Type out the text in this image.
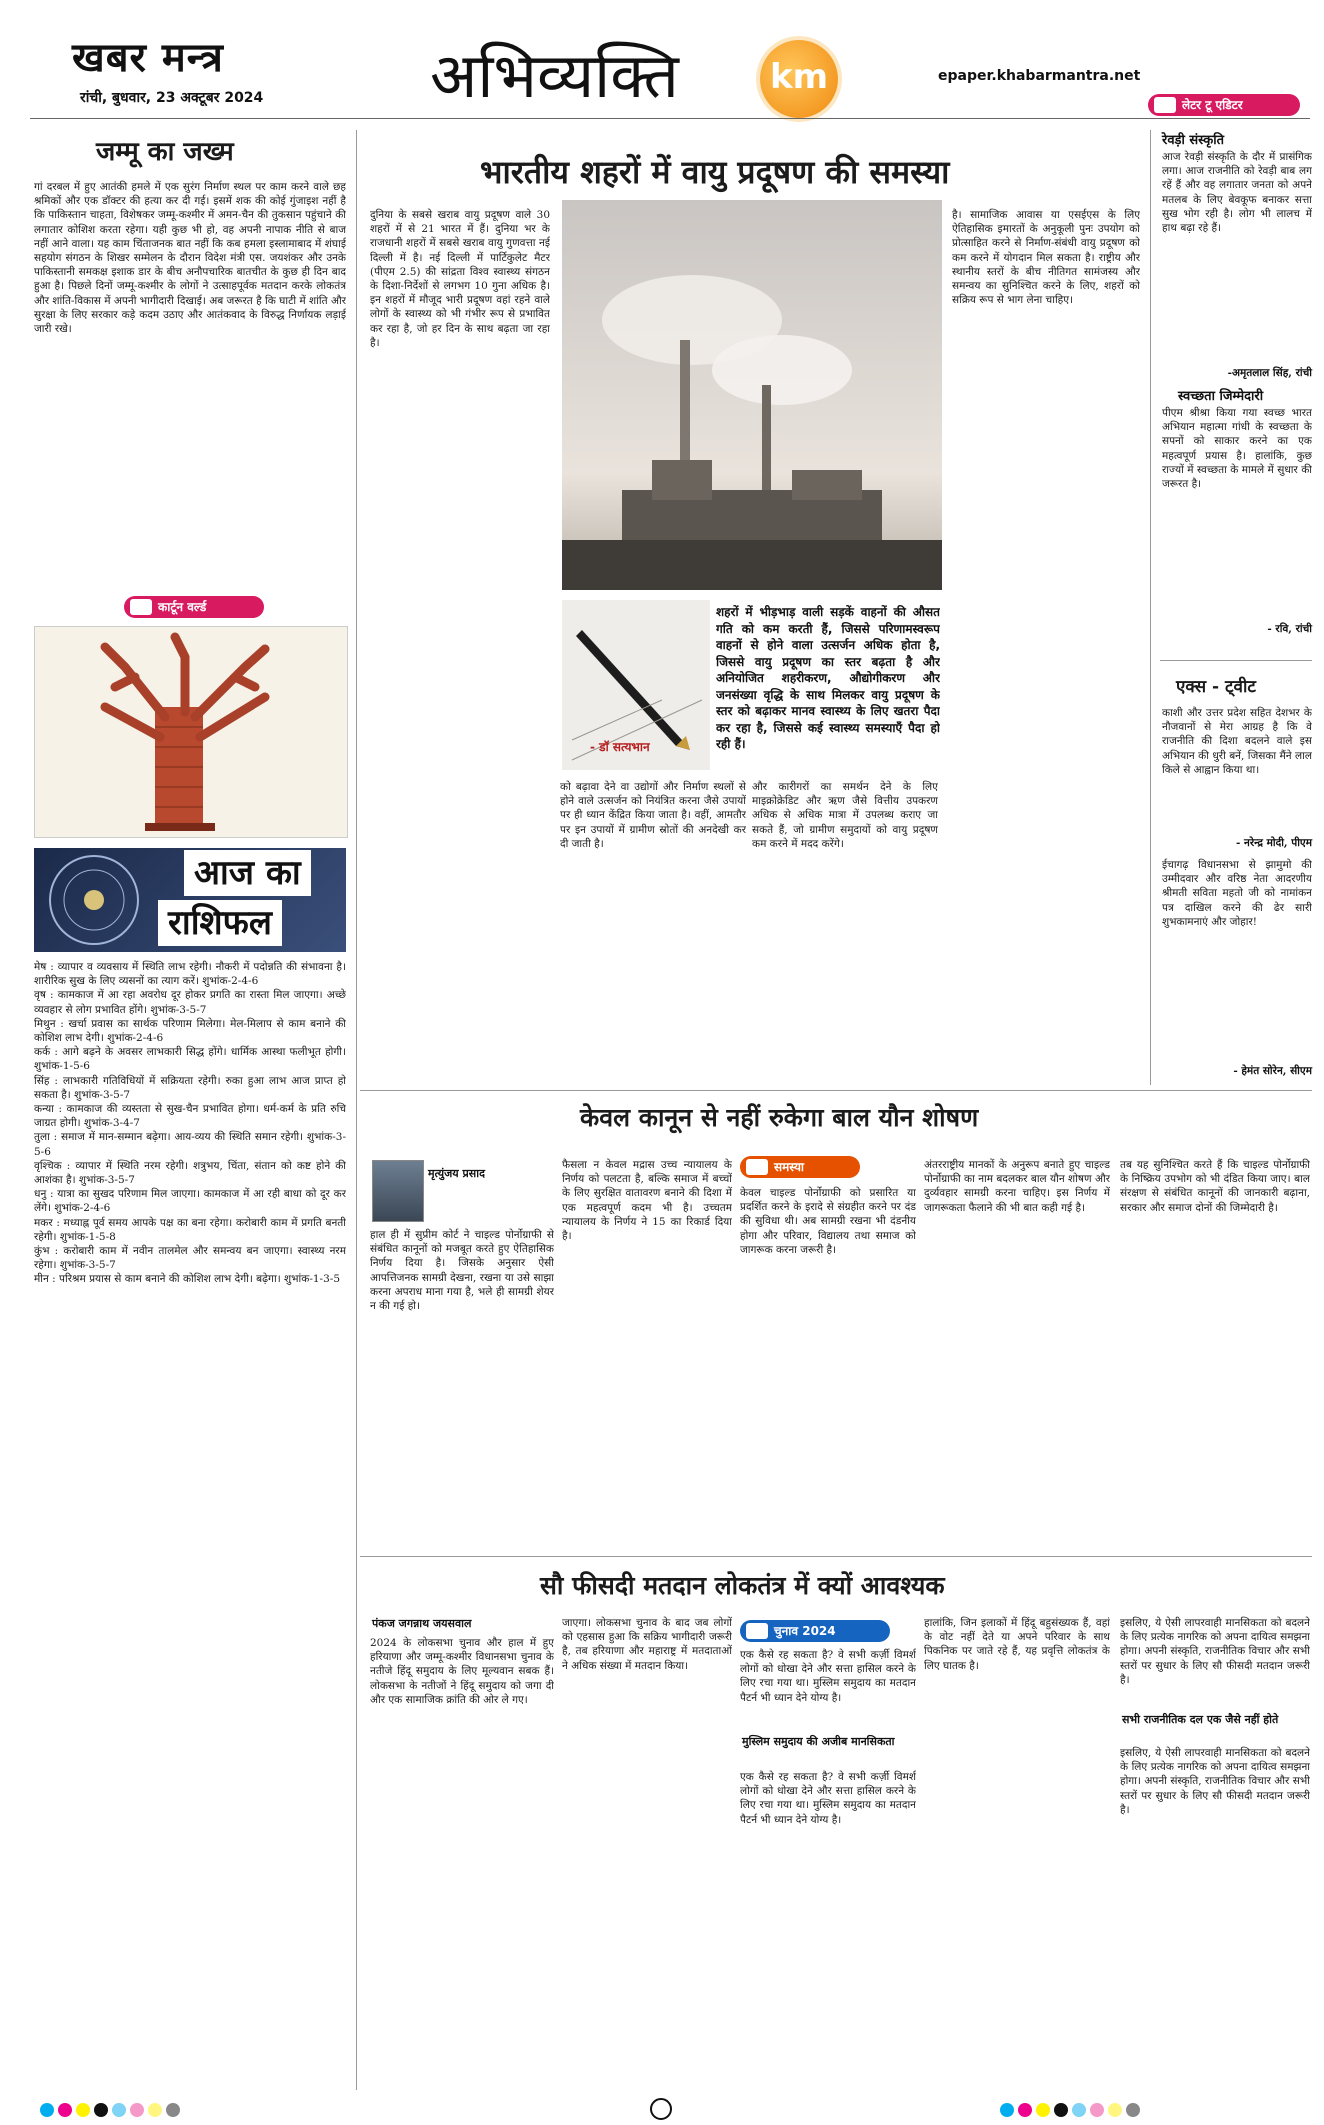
खबर मन्त्र
रांची, बुधवार, 23 अक्टूबर 2024	अभिव्यक्ति	km	epaper.khabarmantra.net
लेटर टू एडिटर
जम्मू का जख्म
गां दरबल में हुए आतंकी हमले में एक सुरंग निर्माण स्थल पर काम करने वाले छह श्रमिकों और एक डॉक्टर की हत्या कर दी गई। इसमें शक की कोई गुंजाइश नहीं है कि पाकिस्तान चाहता, विशेषकर जम्मू-कश्मीर में अमन-चैन की तुकसान पहुंचाने की लगातार कोशिश करता रहेगा। यही कुछ भी हो, वह अपनी नापाक नीति से बाज नहीं आने वाला। यह काम चिंताजनक बात नहीं कि कब हमला इस्लामाबाद में शंघाई सहयोग संगठन के शिखर सम्मेलन के दौरान विदेश मंत्री एस. जयशंकर और उनके पाकिस्तानी समकक्ष इशाक डार के बीच अनौपचारिक बातचीत के कुछ ही दिन बाद हुआ है। पिछले दिनों जम्मू-कश्मीर के लोगों ने उत्साहपूर्वक मतदान करके लोकतंत्र और शांति-विकास में अपनी भागीदारी दिखाई। अब जरूरत है कि घाटी में शांति और सुरक्षा के लिए सरकार कड़े कदम उठाए और आतंकवाद के विरुद्ध निर्णायक लड़ाई जारी रखे।
कार्टून वर्ल्ड
आज का
राशिफल
मेष : व्यापार व व्यवसाय में स्थिति लाभ रहेगी। नौकरी में पदोन्नति की संभावना है। शारीरिक सुख के लिए व्यसनों का त्याग करें। शुभांक-2-4-6
वृष : कामकाज में आ रहा अवरोध दूर होकर प्रगति का रास्ता मिल जाएगा। अच्छे व्यवहार से लोग प्रभावित होंगे। शुभांक-3-5-7
मिथुन : खर्चा प्रवास का सार्थक परिणाम मिलेगा। मेल-मिलाप से काम बनाने की कोशिश लाभ देगी। शुभांक-2-4-6
कर्क : आगे बढ़ने के अवसर लाभकारी सिद्ध होंगे। धार्मिक आस्था फलीभूत होगी। शुभांक-1-5-6
सिंह : लाभकारी गतिविधियों में सक्रियता रहेगी। रुका हुआ लाभ आज प्राप्त हो सकता है। शुभांक-3-5-7
कन्या : कामकाज की व्यस्तता से सुख-चैन प्रभावित होगा। धर्म-कर्म के प्रति रुचि जाग्रत होगी। शुभांक-3-4-7
तुला : समाज में मान-सम्मान बढ़ेगा। आय-व्यय की स्थिति समान रहेगी। शुभांक-3-5-6
वृश्चिक : व्यापार में स्थिति नरम रहेगी। शत्रुभय, चिंता, संतान को कष्ट होने की आशंका है। शुभांक-3-5-7
धनु : यात्रा का सुखद परिणाम मिल जाएगा। कामकाज में आ रही बाधा को दूर कर लेंगे। शुभांक-2-4-6
मकर : मध्याह्न पूर्व समय आपके पक्ष का बना रहेगा। करोबारी काम में प्रगति बनती रहेगी। शुभांक-1-5-8
कुंभ : करोबारी काम में नवीन तालमेल और समन्वय बन जाएगा। स्वास्थ्य नरम रहेगा। शुभांक-3-5-7
मीन : परिश्रम प्रयास से काम बनाने की कोशिश लाभ देगी। बढ़ेगा। शुभांक-1-3-5
भारतीय शहरों में वायु प्रदूषण की समस्या
दुनिया के सबसे खराब वायु प्रदूषण वाले 30 शहरों में से 21 भारत में हैं। दुनिया भर के राजधानी शहरों में सबसे खराब वायु गुणवत्ता नई दिल्ली में है। नई दिल्ली में पार्टिकुलेट मैटर (पीएम 2.5) की सांद्रता विश्व स्वास्थ्य संगठन के दिशा-निर्देशों से लगभग 10 गुना अधिक है। इन शहरों में मौजूद भारी प्रदूषण वहां रहने वाले लोगों के स्वास्थ्य को भी गंभीर रूप से प्रभावित कर रहा है, जो हर दिन के साथ बढ़ता जा रहा है।
- डॉ सत्यभान
शहरों में भीड़भाड़ वाली सड़कें वाहनों की औसत गति को कम करती हैं, जिससे परिणामस्वरूप वाहनों से होने वाला उत्सर्जन अधिक होता है, जिससे वायु प्रदूषण का स्तर बढ़ता है और अनियोजित शहरीकरण, औद्योगीकरण और जनसंख्या वृद्धि के साथ मिलकर वायु प्रदूषण के स्तर को बढ़ाकर मानव स्वास्थ्य के लिए खतरा पैदा कर रहा है, जिससे कई स्वास्थ्य समस्याएँ पैदा हो रही हैं।
को बढ़ावा देने वा उद्योगों और निर्माण स्थलों से होने वाले उत्सर्जन को नियंत्रित करना जैसे उपायों पर ही ध्यान केंद्रित किया जाता है। वहीं, आमतौर पर इन उपायों में ग्रामीण स्रोतों की अनदेखी कर दी जाती है।
और कारीगरों का समर्थन देने के लिए माइक्रोक्रेडिट और ऋण जैसे वित्तीय उपकरण अधिक से अधिक मात्रा में उपलब्ध कराए जा सकते हैं, जो ग्रामीण समुदायों को वायु प्रदूषण कम करने में मदद करेंगे।
है। सामाजिक आवास या एसईएस के लिए ऐतिहासिक इमारतों के अनुकूली पुनः उपयोग को प्रोत्साहित करने से निर्माण-संबंधी वायु प्रदूषण को कम करने में योगदान मिल सकता है। राष्ट्रीय और स्थानीय स्तरों के बीच नीतिगत सामंजस्य और समन्वय का सुनिश्चित करने के लिए, शहरों को सक्रिय रूप से भाग लेना चाहिए।
रेवड़ी संस्कृति
आज रेवड़ी संस्कृति के दौर में प्रासंगिक लगा। आज राजनीति को रेवड़ी बाब लग रहें हैं और वह लगातार जनता को अपने मतलब के लिए बेवकूफ बनाकर सत्ता सुख भोग रही है। लोग भी लालच में हाथ बढ़ा रहे हैं।
-अमृतलाल सिंह, रांची
स्वच्छता जिम्मेदारी
पीएम श्रीश्रा किया गया स्वच्छ भारत अभियान महात्मा गांधी के स्वच्छता के सपनों को साकार करने का एक महत्वपूर्ण प्रयास है। हालांकि, कुछ राज्यों में स्वच्छता के मामले में सुधार की जरूरत है।
- रवि, रांची
एक्स - ट्वीट
काशी और उत्तर प्रदेश सहित देशभर के नौजवानों से मेरा आग्रह है कि वे राजनीति की दिशा बदलने वाले इस अभियान की धुरी बनें, जिसका मैंने लाल किले से आह्वान किया था।
- नरेन्द्र मोदी, पीएम
ईचागढ़ विधानसभा से झामुमो की उम्मीदवार और वरिष्ठ नेता आदरणीय श्रीमती सविता महतो जी को नामांकन पत्र दाखिल करने की ढेर सारी शुभकामनाएं और जोहार!
- हेमंत सोरेन, सीएम
केवल कानून से नहीं रुकेगा बाल यौन शोषण
मृत्युंजय प्रसाद	समस्या
हाल ही में सुप्रीम कोर्ट ने चाइल्ड पोर्नोग्राफी से संबंधित कानूनों को मजबूत करते हुए ऐतिहासिक निर्णय दिया है। जिसके अनुसार ऐसी आपत्तिजनक सामग्री देखना, रखना या उसे साझा करना अपराध माना गया है, भले ही सामग्री शेयर न की गई हो।
फैसला न केवल मद्रास उच्च न्यायालय के निर्णय को पलटता है, बल्कि समाज में बच्चों के लिए सुरक्षित वातावरण बनाने की दिशा में एक महत्वपूर्ण कदम भी है। उच्चतम न्यायालय के निर्णय ने 15 का रिकार्ड दिया है।
केवल चाइल्ड पोर्नोग्राफी को प्रसारित या प्रदर्शित करने के इरादे से संग्रहीत करने पर दंड की सुविधा थी। अब सामग्री रखना भी दंडनीय होगा और परिवार, विद्यालय तथा समाज को जागरूक करना जरूरी है।
अंतरराष्ट्रीय मानकों के अनुरूप बनाते हुए चाइल्ड पोर्नोग्राफी का नाम बदलकर बाल यौन शोषण और दुर्व्यवहार सामग्री करना चाहिए। इस निर्णय में जागरूकता फैलाने की भी बात कही गई है।
तब यह सुनिश्चित करते हैं कि चाइल्ड पोर्नोग्राफी के निष्क्रिय उपभोग को भी दंडित किया जाए। बाल संरक्षण से संबंधित कानूनों की जानकारी बढ़ाना, सरकार और समाज दोनों की जिम्मेदारी है।
सौ फीसदी मतदान लोकतंत्र में क्यों आवश्यक
पंकज जगन्नाथ जयसवाल
चुनाव 2024
2024 के लोकसभा चुनाव और हाल में हुए हरियाणा और जम्मू-कश्मीर विधानसभा चुनाव के नतीजे हिंदू समुदाय के लिए मूल्यवान सबक हैं। लोकसभा के नतीजों ने हिंदू समुदाय को जगा दी और एक सामाजिक क्रांति की ओर ले गए।
जाएगा। लोकसभा चुनाव के बाद जब लोगों को एहसास हुआ कि सक्रिय भागीदारी जरूरी है, तब हरियाणा और महाराष्ट्र में मतदाताओं ने अधिक संख्या में मतदान किया।
एक कैसे रह सकता है? वे सभी कर्ज़ी विमर्श लोगों को धोखा देने और सत्ता हासिल करने के लिए रचा गया था। मुस्लिम समुदाय का मतदान पैटर्न भी ध्यान देने योग्य है।
मुस्लिम समुदाय की अजीब मानसिकता
एक कैसे रह सकता है? वे सभी कर्ज़ी विमर्श लोगों को धोखा देने और सत्ता हासिल करने के लिए रचा गया था। मुस्लिम समुदाय का मतदान पैटर्न भी ध्यान देने योग्य है।
हालांकि, जिन इलाकों में हिंदू बहुसंख्यक हैं, वहां के वोट नहीं देते या अपने परिवार के साथ पिकनिक पर जाते रहे हैं, यह प्रवृत्ति लोकतंत्र के लिए घातक है।
इसलिए, ये ऐसी लापरवाही मानसिकता को बदलने के लिए प्रत्येक नागरिक को अपना दायित्व समझना होगा। अपनी संस्कृति, राजनीतिक विचार और सभी स्तरों पर सुधार के लिए सौ फीसदी मतदान जरूरी है।
सभी राजनीतिक दल एक जैसे नहीं होते
इसलिए, ये ऐसी लापरवाही मानसिकता को बदलने के लिए प्रत्येक नागरिक को अपना दायित्व समझना होगा। अपनी संस्कृति, राजनीतिक विचार और सभी स्तरों पर सुधार के लिए सौ फीसदी मतदान जरूरी है।
